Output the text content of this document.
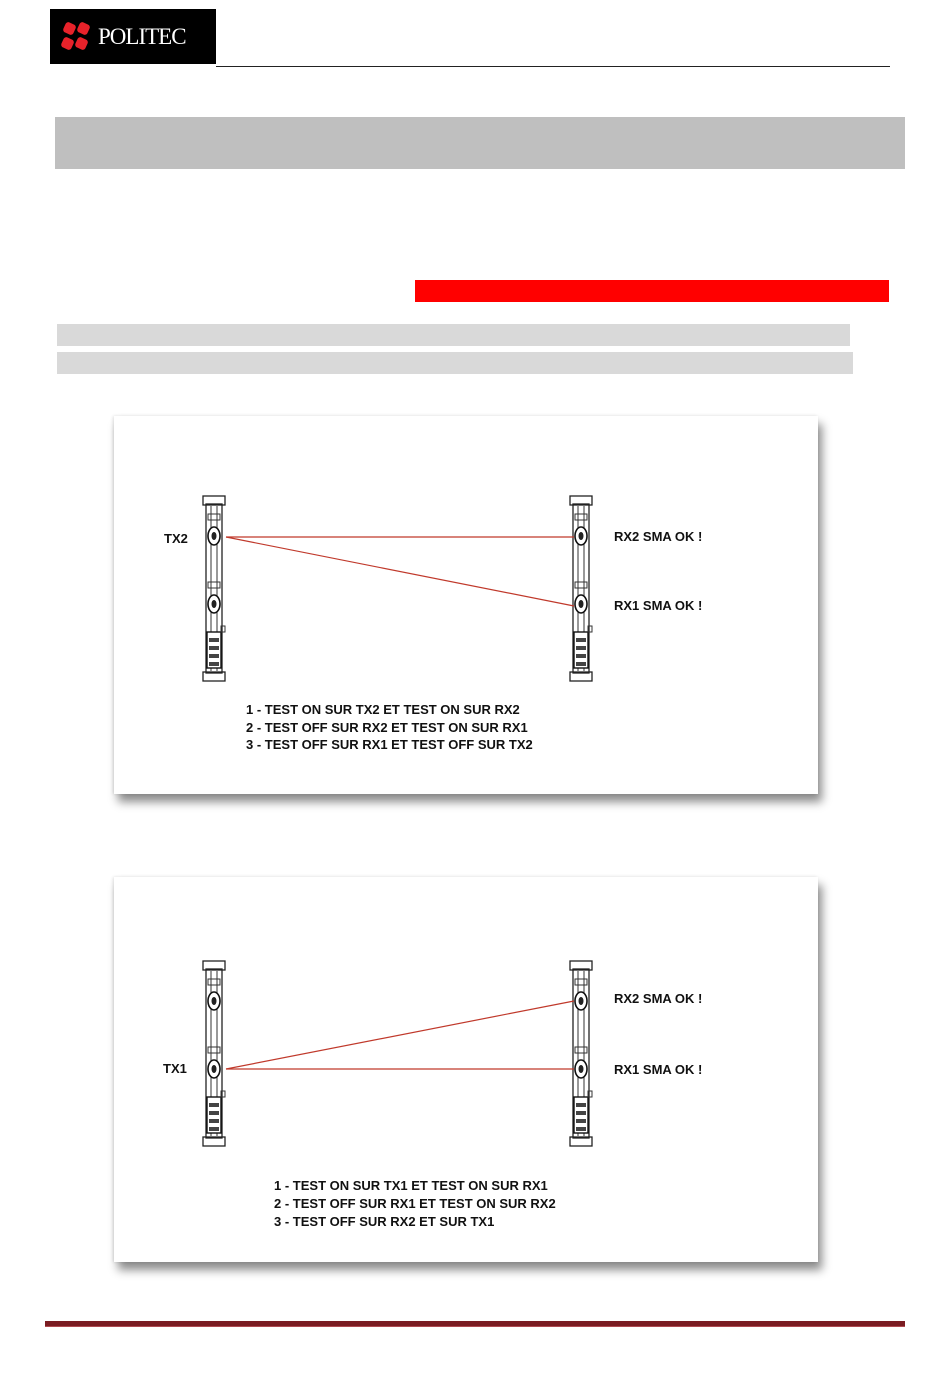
POLITEC
TX2	RX2 SMA OK !
RX1 SMA OK !
1 - TEST ON SUR TX2 ET TEST ON SUR RX2
2 - TEST OFF SUR RX2 ET TEST ON SUR RX1
3 - TEST OFF SUR RX1 ET TEST OFF SUR TX2
TX1
RX2 SMA OK !
RX1 SMA OK !
1 - TEST ON SUR TX1 ET TEST ON SUR RX1
2 - TEST OFF SUR RX1 ET TEST ON SUR RX2
3 - TEST OFF SUR RX2 ET SUR TX1
